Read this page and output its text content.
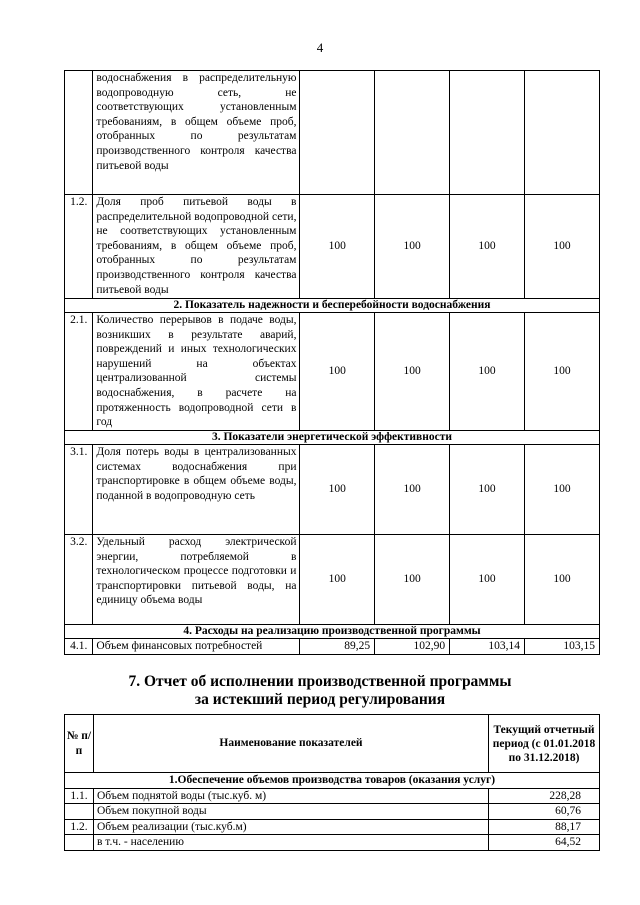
4
	водоснабжения в распределительную водопроводную сеть, не соответствующих установленным требованиям, в общем объеме проб, отобранных по результатам производственного контроля качества питьевой воды				
1.2.	Доля проб питьевой воды в распределительной водопроводной сети, не соответствующих установленным требованиям, в общем объеме проб, отобранных по результатам производственного контроля качества питьевой воды	100	100	100	100
2. Показатель надежности и бесперебойности водоснабжения					
2.1.	Количество перерывов в подаче воды, возникших в результате аварий, повреждений и иных технологических нарушений на объектах централизованной системы водоснабжения, в расчете на протяженность водопроводной сети в год	100	100	100	100
3. Показатели энергетической эффективности					
3.1.	Доля потерь воды в централизованных системах водоснабжения при транспортировке в общем объеме воды, поданной в водопроводную сеть	100	100	100	100
3.2.	Удельный расход электрической энергии, потребляемой в технологическом процессе подготовки и транспортировки питьевой воды, на единицу объема воды	100	100	100	100
4. Расходы на реализацию производственной программы					
4.1.	Объем финансовых потребностей	89,25	102,90	103,14	103,15
7. Отчет об исполнении производственной программы
за истекший период регулирования
№ п/п	Наименование показателей	Текущий отчетный период (с 01.01.2018 по 31.12.2018)
1.Обеспечение объемов производства товаров (оказания услуг)		
1.1.	Объем поднятой воды (тыс.куб. м)	228,28
	Объем покупной воды	60,76
1.2.	Объем реализации (тыс.куб.м)	88,17
	в т.ч. - населению	64,52
